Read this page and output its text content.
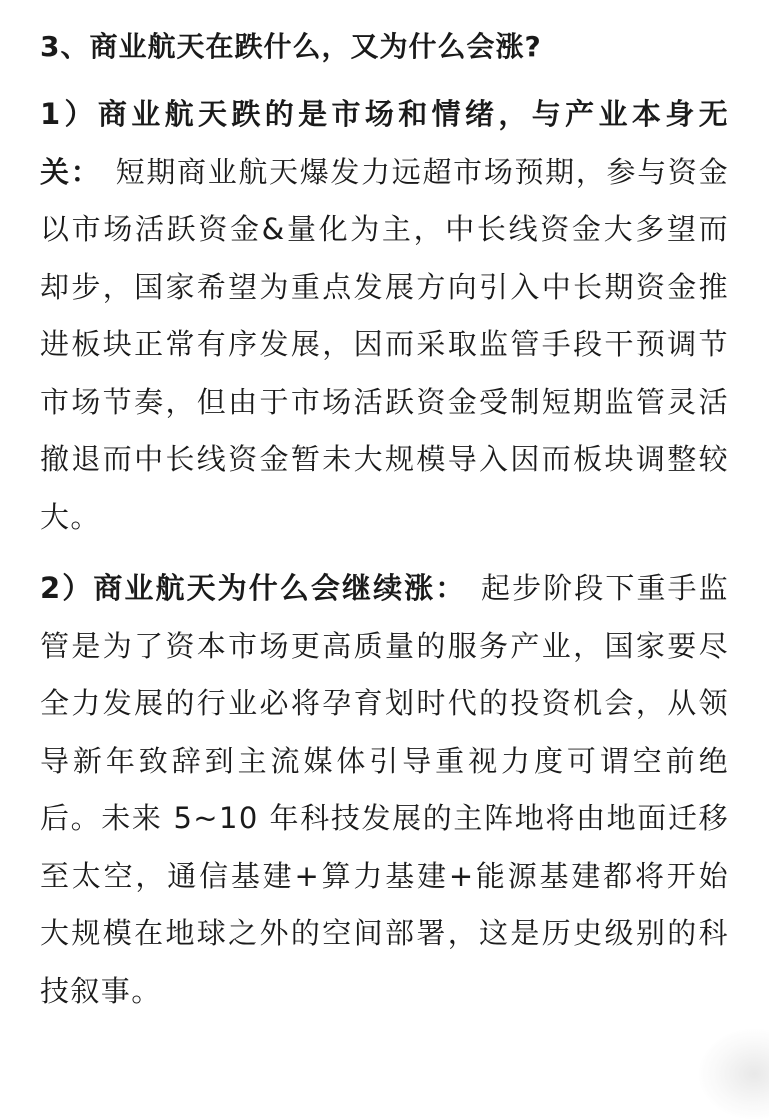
3、商业航天在跌什么，又为什么会涨?

1）商业航天跌的是市场和情绪，与产业本身无关： 短期商业航天爆发力远超市场预期，参与资金以市场活跃资金&量化为主，中长线资金大多望而却步，国家希望为重点发展方向引入中长期资金推进板块正常有序发展，因而采取监管手段干预调节市场节奏，但由于市场活跃资金受制短期监管灵活撤退而中长线资金暂未大规模导入因而板块调整较大。

2）商业航天为什么会继续涨： 起步阶段下重手监管是为了资本市场更高质量的服务产业，国家要尽全力发展的行业必将孕育划时代的投资机会，从领导新年致辞到主流媒体引导重视力度可谓空前绝后。未来 5~10 年科技发展的主阵地将由地面迁移至太空，通信基建+算力基建+能源基建都将开始大规模在地球之外的空间部署，这是历史级别的科技叙事。
